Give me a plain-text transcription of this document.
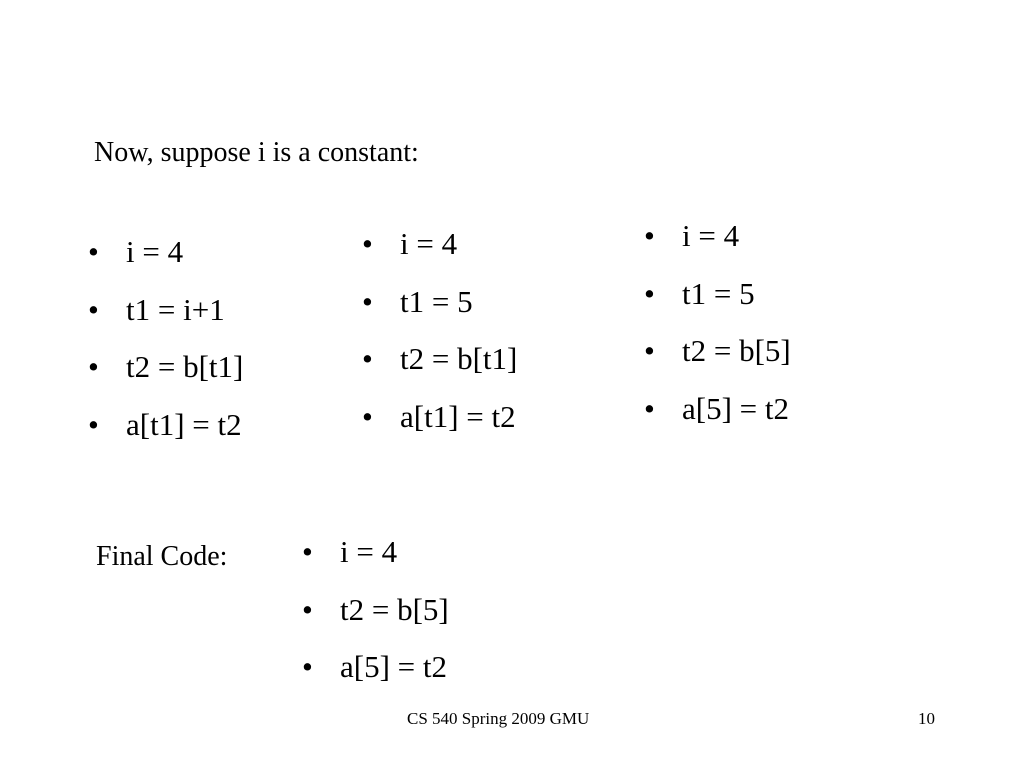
Now, suppose i is a constant:
• i = 4
• t1 = i+1
• t2 = b[t1]
• a[t1] = t2
• i = 4
• t1 = 5
• t2 = b[t1]
• a[t1] = t2
• i = 4
• t1 = 5
• t2 = b[5]
• a[5] = t2
Final Code: • i = 4
• t2 = b[5]
• a[5] = t2
CS 540 Spring 2009 GMU	10
